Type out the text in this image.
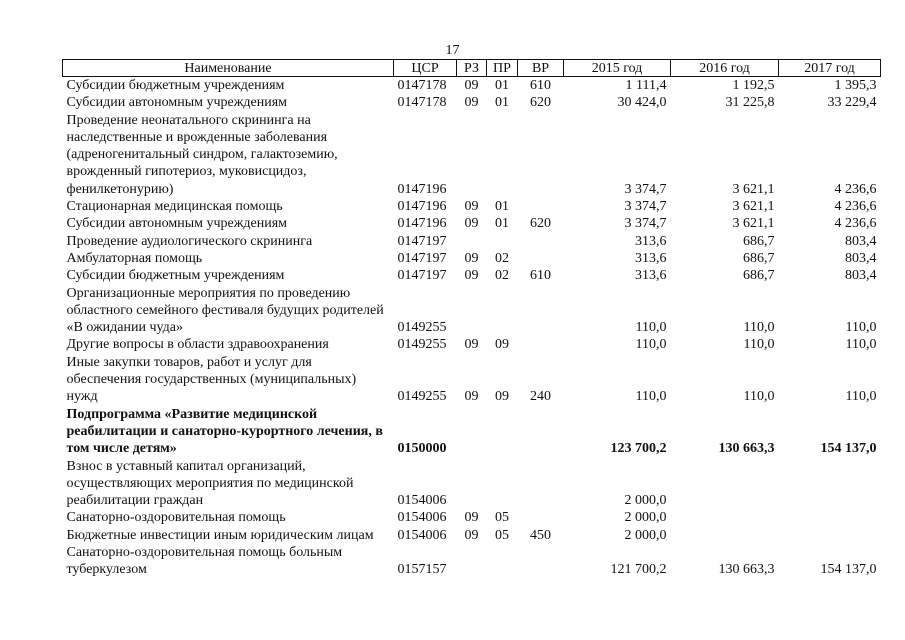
17
Наименование	ЦСР	РЗ	ПР	ВР	2015 год	2016 год	2017 год
Субсидии бюджетным учреждениям	0147178	09	01	610	1 111,4	1 192,5	1 395,3
Субсидии автономным учреждениям	0147178	09	01	620	30 424,0	31 225,8	33 229,4
Проведение неонатального скрининга на наследственные и врожденные заболевания (адреногенитальный синдром, галактоземию, врожденный гипотериоз, муковисцидоз, фенилкетонурию)	0147196				3 374,7	3 621,1	4 236,6
Стационарная медицинская помощь	0147196	09	01		3 374,7	3 621,1	4 236,6
Субсидии автономным учреждениям	0147196	09	01	620	3 374,7	3 621,1	4 236,6
Проведение аудиологического скрининга	0147197				313,6	686,7	803,4
Амбулаторная помощь	0147197	09	02		313,6	686,7	803,4
Субсидии бюджетным учреждениям	0147197	09	02	610	313,6	686,7	803,4
Организационные мероприятия по проведению областного семейного фестиваля будущих родителей «В ожидании чуда»	0149255				110,0	110,0	110,0
Другие вопросы в области здравоохранения	0149255	09	09		110,0	110,0	110,0
Иные закупки товаров, работ и услуг для обеспечения государственных (муниципальных) нужд	0149255	09	09	240	110,0	110,0	110,0
Подпрограмма «Развитие медицинской реабилитации и санаторно-курортного лечения, в том числе детям»	0150000				123 700,2	130 663,3	154 137,0
Взнос в уставный капитал организаций, осуществляющих мероприятия по медицинской реабилитации граждан	0154006				2 000,0		
Санаторно-оздоровительная помощь	0154006	09	05		2 000,0		
Бюджетные инвестиции иным юридическим лицам	0154006	09	05	450	2 000,0		
Санаторно-оздоровительная помощь больным туберкулезом	0157157				121 700,2	130 663,3	154 137,0
